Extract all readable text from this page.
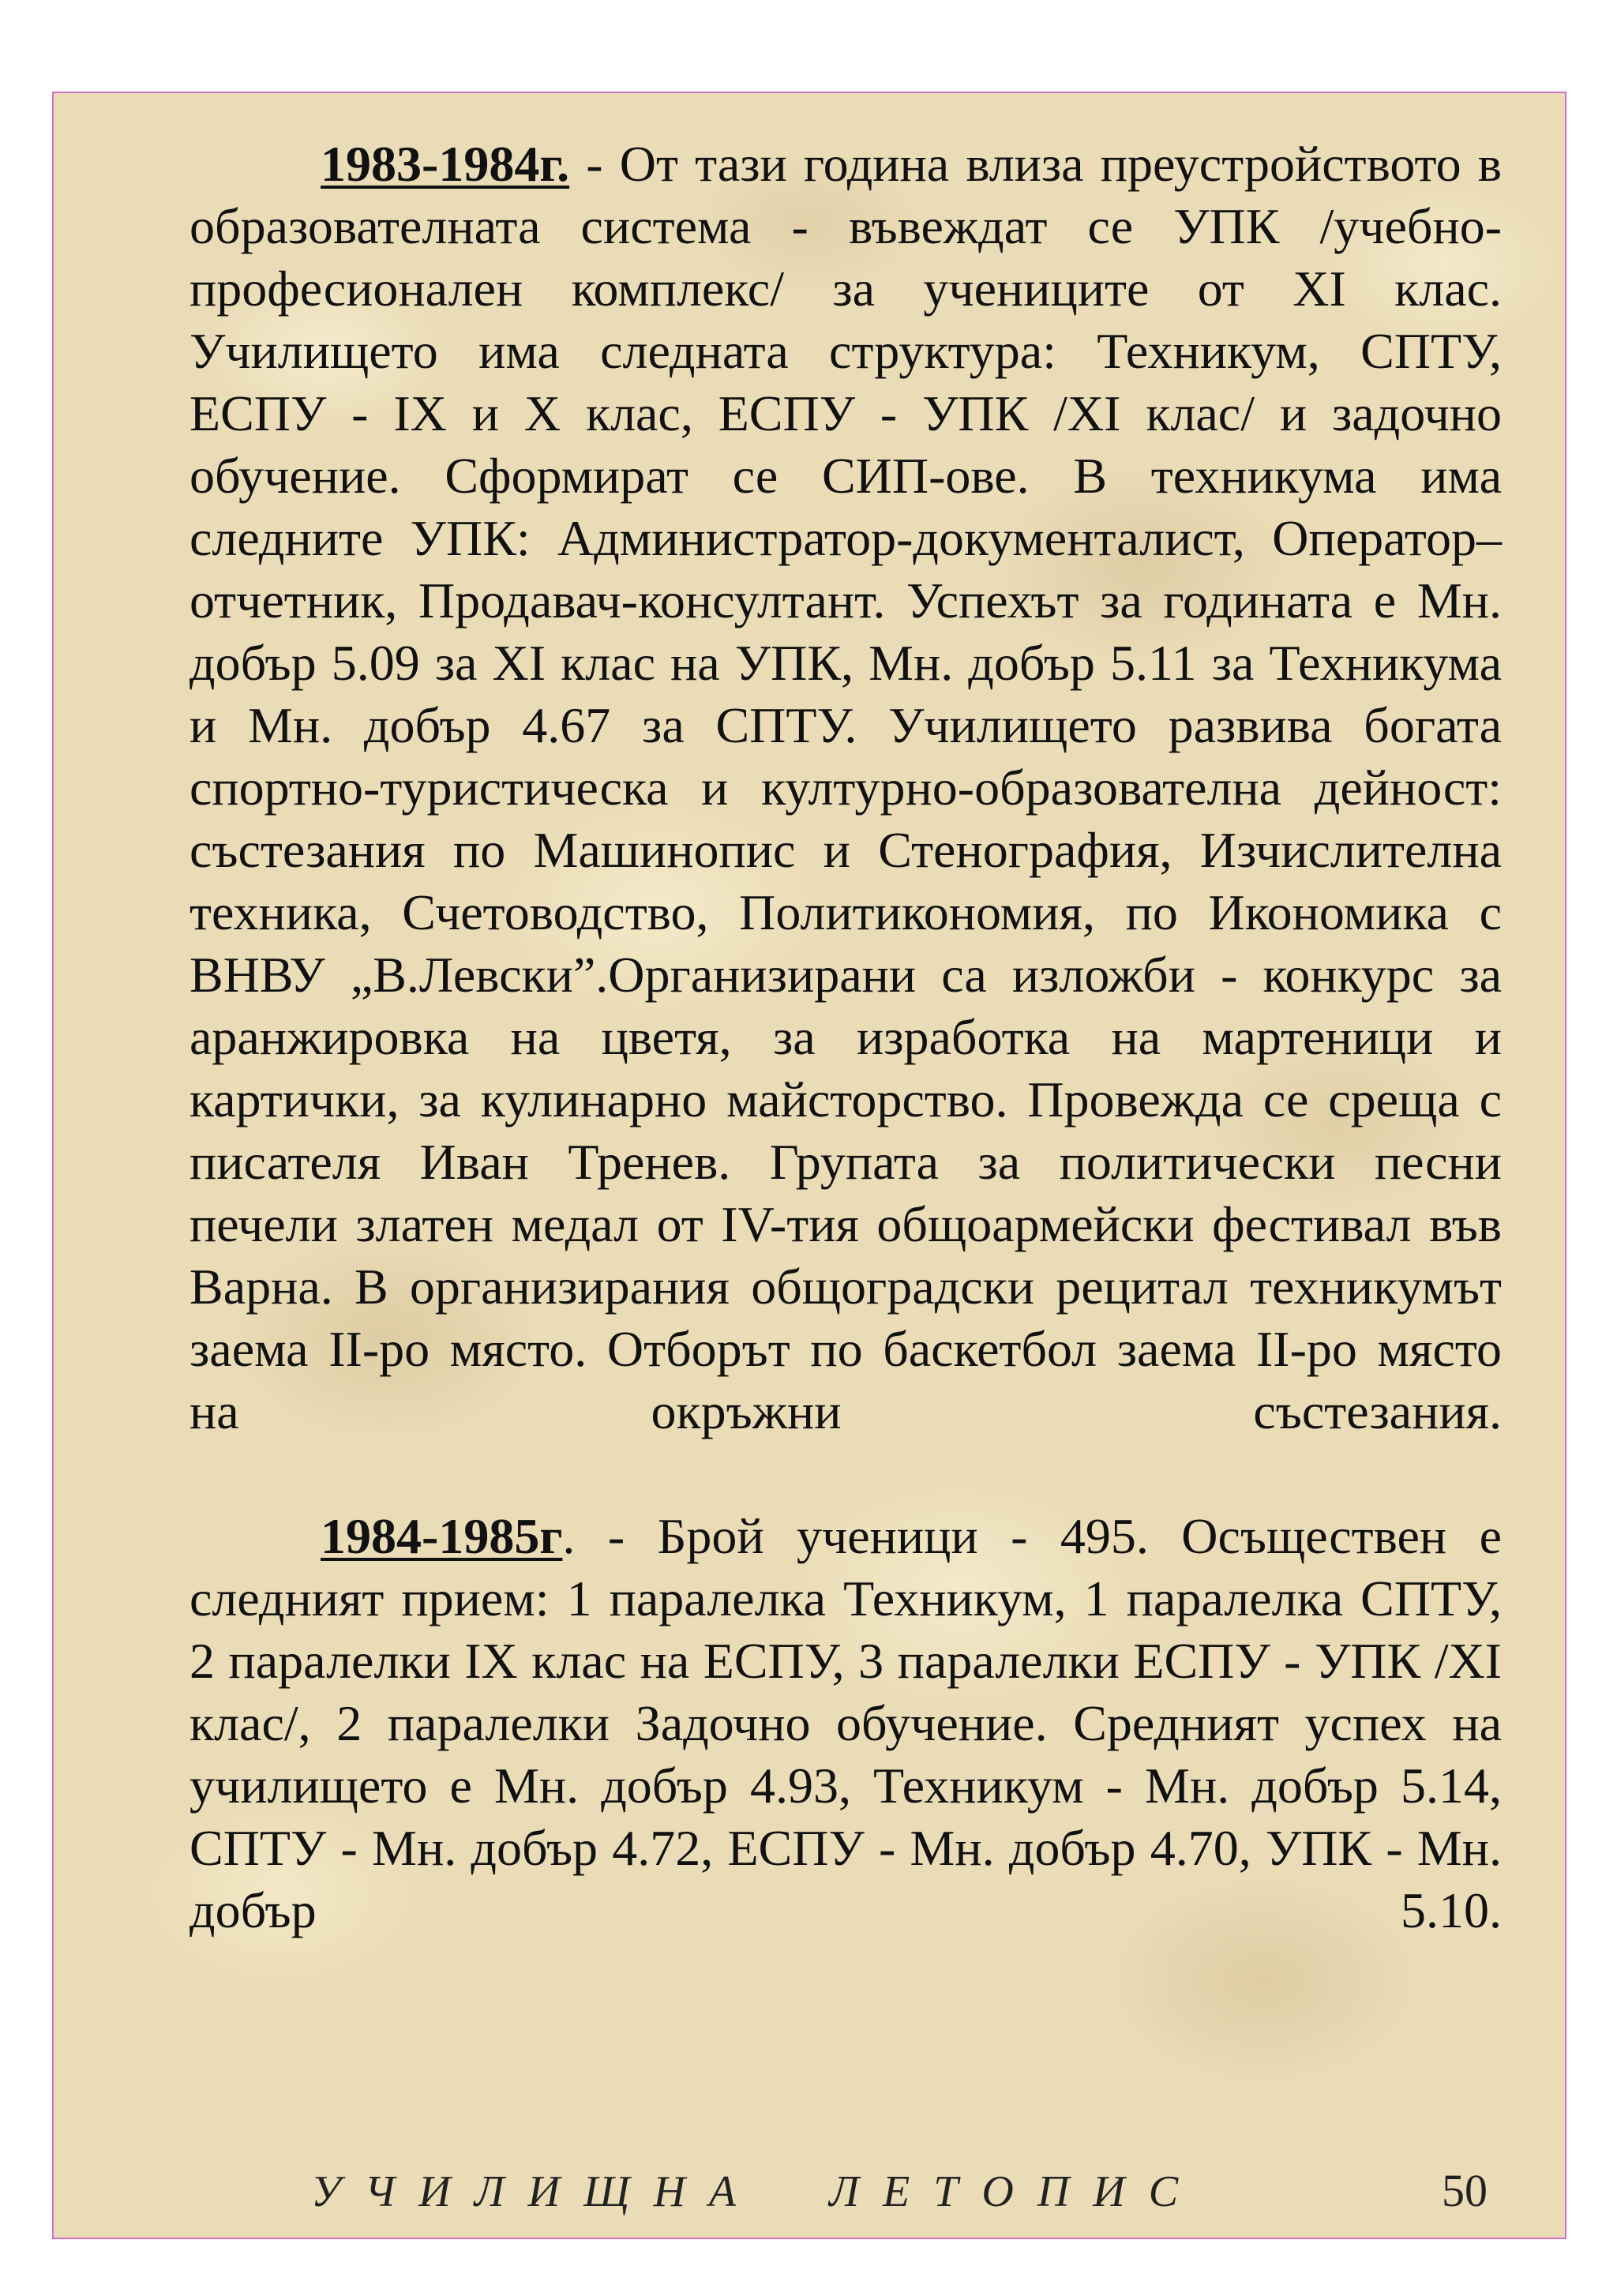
1983-1984г. - От тази година влиза преустройството в образователната система - въвеждат се УПК /учебно- професионален комплекс/ за учениците от XI клас. Училището има следната структура: Техникум, СПТУ, ЕСПУ - IX и X клас, ЕСПУ - УПК /XI клас/ и задочно обучение. Сформират се СИП-ове. В техникума има следните УПК: Администратор-документалист, Оператор–отчетник, Продавач-консултант. Успехът за годината е Мн. добър 5.09 за XI клас на УПК, Мн. добър 5.11 за Техникума и Мн. добър 4.67 за СПТУ. Училището развива богата спортно-туристическа и културно-образователна дейност: състезания по Машинопис и Стенография, Изчислителна техника, Счетоводство, Политикономия, по Икономика с ВНВУ „В.Левски”.Организирани са изложби - конкурс за аранжировка на цветя, за изработка на мартеници и картички, за кулинарно майсторство. Провежда се среща с писателя Иван Тренев. Групата за политически песни печели златен медал от IV-тия общоармейски фестивал във Варна. В организирания общоградски рецитал техникумът заема II-ро място. Отборът по баскетбол заема II-ро място на окръжни състезания.

1984-1985г. - Брой ученици - 495. Осъществен е следният прием: 1 паралелка Техникум, 1 паралелка СПТУ, 2 паралелки IX клас на ЕСПУ, 3 паралелки ЕСПУ - УПК /XI клас/, 2 паралелки Задочно обучение. Средният успех на училището е Мн. добър 4.93, Техникум - Мн. добър 5.14, СПТУ - Мн. добър 4.72, ЕСПУ - Мн. добър 4.70, УПК - Мн. добър 5.10.

УЧИЛИЩНА  ЛЕТОПИС	50
